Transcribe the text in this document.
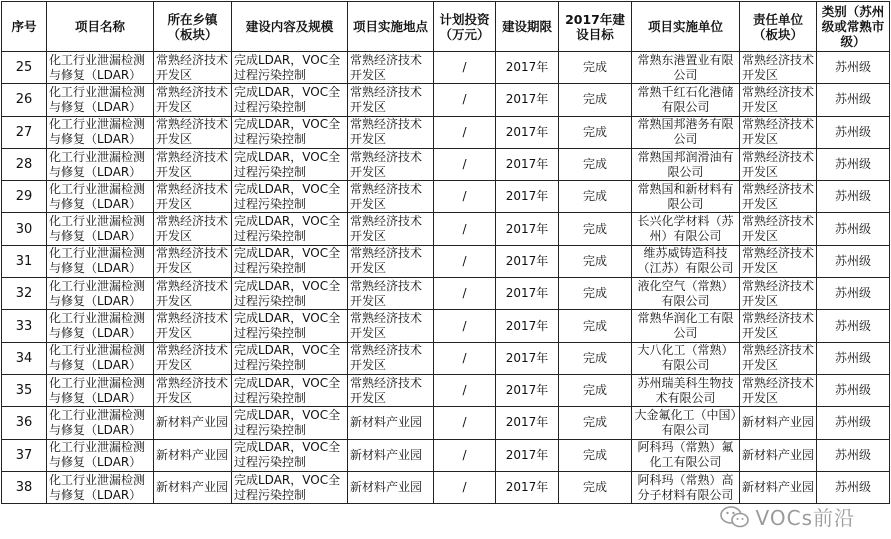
序号	项目名称	所在乡镇（板块）	建设内容及规模	项目实施地点	计划投资（万元）	建设期限	2017年建设目标	项目实施单位	责任单位（板块）	类别（苏州级或常熟市级）
25	化工行业泄漏检测与修复（LDAR）	常熟经济技术开发区	完成LDAR，VOC全过程污染控制	常熟经济技术开发区	/	2017年	完成	常熟东港置业有限公司	常熟经济技术开发区	苏州级
26	化工行业泄漏检测与修复（LDAR）	常熟经济技术开发区	完成LDAR，VOC全过程污染控制	常熟经济技术开发区	/	2017年	完成	常熟千红石化港储有限公司	常熟经济技术开发区	苏州级
27	化工行业泄漏检测与修复（LDAR）	常熟经济技术开发区	完成LDAR，VOC全过程污染控制	常熟经济技术开发区	/	2017年	完成	常熟国邦港务有限公司	常熟经济技术开发区	苏州级
28	化工行业泄漏检测与修复（LDAR）	常熟经济技术开发区	完成LDAR，VOC全过程污染控制	常熟经济技术开发区	/	2017年	完成	常熟国邦润滑油有限公司	常熟经济技术开发区	苏州级
29	化工行业泄漏检测与修复（LDAR）	常熟经济技术开发区	完成LDAR，VOC全过程污染控制	常熟经济技术开发区	/	2017年	完成	常熟国和新材料有限公司	常熟经济技术开发区	苏州级
30	化工行业泄漏检测与修复（LDAR）	常熟经济技术开发区	完成LDAR，VOC全过程污染控制	常熟经济技术开发区	/	2017年	完成	长兴化学材料（苏州）有限公司	常熟经济技术开发区	苏州级
31	化工行业泄漏检测与修复（LDAR）	常熟经济技术开发区	完成LDAR，VOC全过程污染控制	常熟经济技术开发区	/	2017年	完成	维苏威铸造科技（江苏）有限公司	常熟经济技术开发区	苏州级
32	化工行业泄漏检测与修复（LDAR）	常熟经济技术开发区	完成LDAR，VOC全过程污染控制	常熟经济技术开发区	/	2017年	完成	液化空气（常熟）有限公司	常熟经济技术开发区	苏州级
33	化工行业泄漏检测与修复（LDAR）	常熟经济技术开发区	完成LDAR，VOC全过程污染控制	常熟经济技术开发区	/	2017年	完成	常熟华润化工有限公司	常熟经济技术开发区	苏州级
34	化工行业泄漏检测与修复（LDAR）	常熟经济技术开发区	完成LDAR，VOC全过程污染控制	常熟经济技术开发区	/	2017年	完成	大八化工（常熟）有限公司	常熟经济技术开发区	苏州级
35	化工行业泄漏检测与修复（LDAR）	常熟经济技术开发区	完成LDAR，VOC全过程污染控制	常熟经济技术开发区	/	2017年	完成	苏州瑞美科生物技术有限公司	常熟经济技术开发区	苏州级
36	化工行业泄漏检测与修复（LDAR）	新材料产业园	完成LDAR，VOC全过程污染控制	新材料产业园	/	2017年	完成	大金氟化工（中国）有限公司	新材料产业园	苏州级
37	化工行业泄漏检测与修复（LDAR）	新材料产业园	完成LDAR，VOC全过程污染控制	新材料产业园	/	2017年	完成	阿科玛（常熟）氟化工有限公司	新材料产业园	苏州级
38	化工行业泄漏检测与修复（LDAR）	新材料产业园	完成LDAR，VOC全过程污染控制	新材料产业园	/	2017年	完成	阿科玛（常熟）高分子材料有限公司	新材料产业园	苏州级
VOCs前沿
